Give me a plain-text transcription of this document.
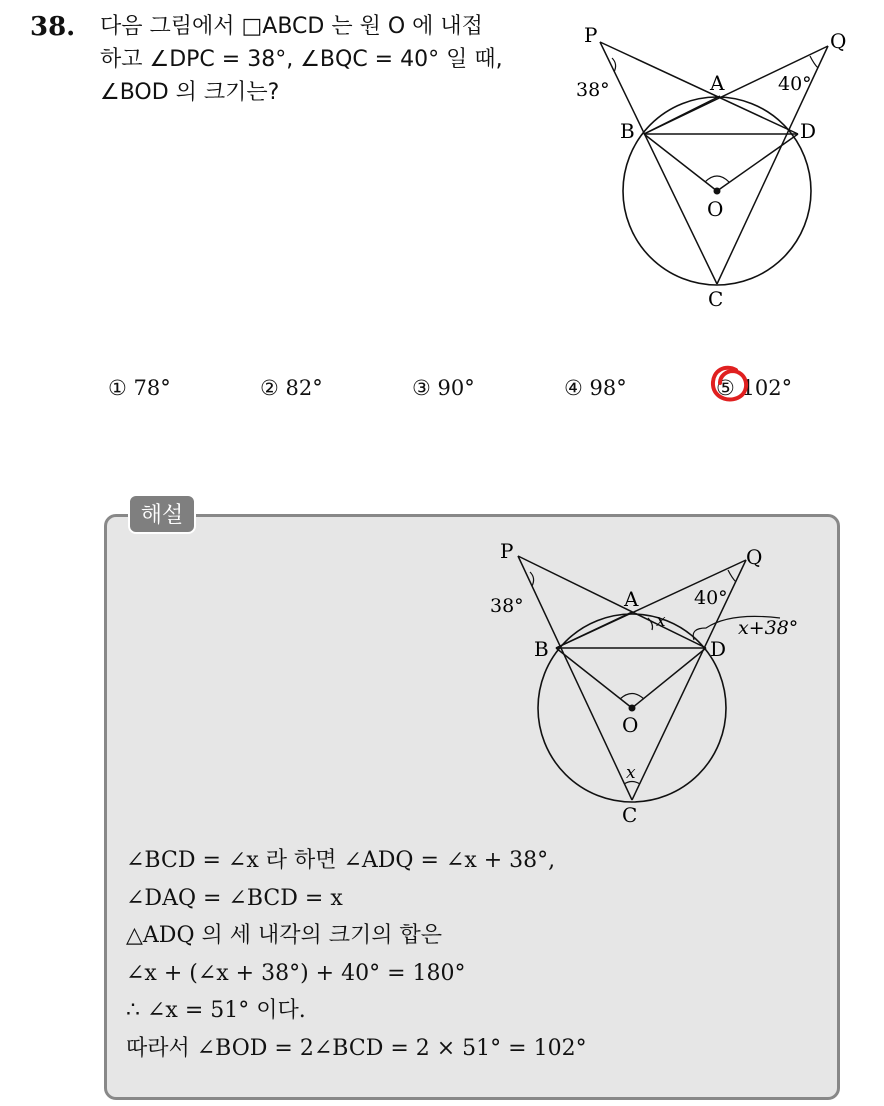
38. 다음 그림에서 □ABCD 는 원 O 에 내접
하고 ∠DPC = 38°, ∠BQC = 40° 일 때,
∠BOD 의 크기는?
P	Q
A
B	D
O
C
38°	40°
① 78°	② 82°	③ 90°	④ 98°	⑤ 102°
해설
P	Q
A
B	D
O
C
38°	40°
x
x
x+38°
∠BCD = ∠x 라 하면 ∠ADQ = ∠x + 38°,
∠DAQ = ∠BCD = x
△ADQ 의 세 내각의 크기의 합은
∠x + (∠x + 38°) + 40° = 180°
∴ ∠x = 51° 이다.
따라서 ∠BOD = 2∠BCD = 2 × 51° = 102°
